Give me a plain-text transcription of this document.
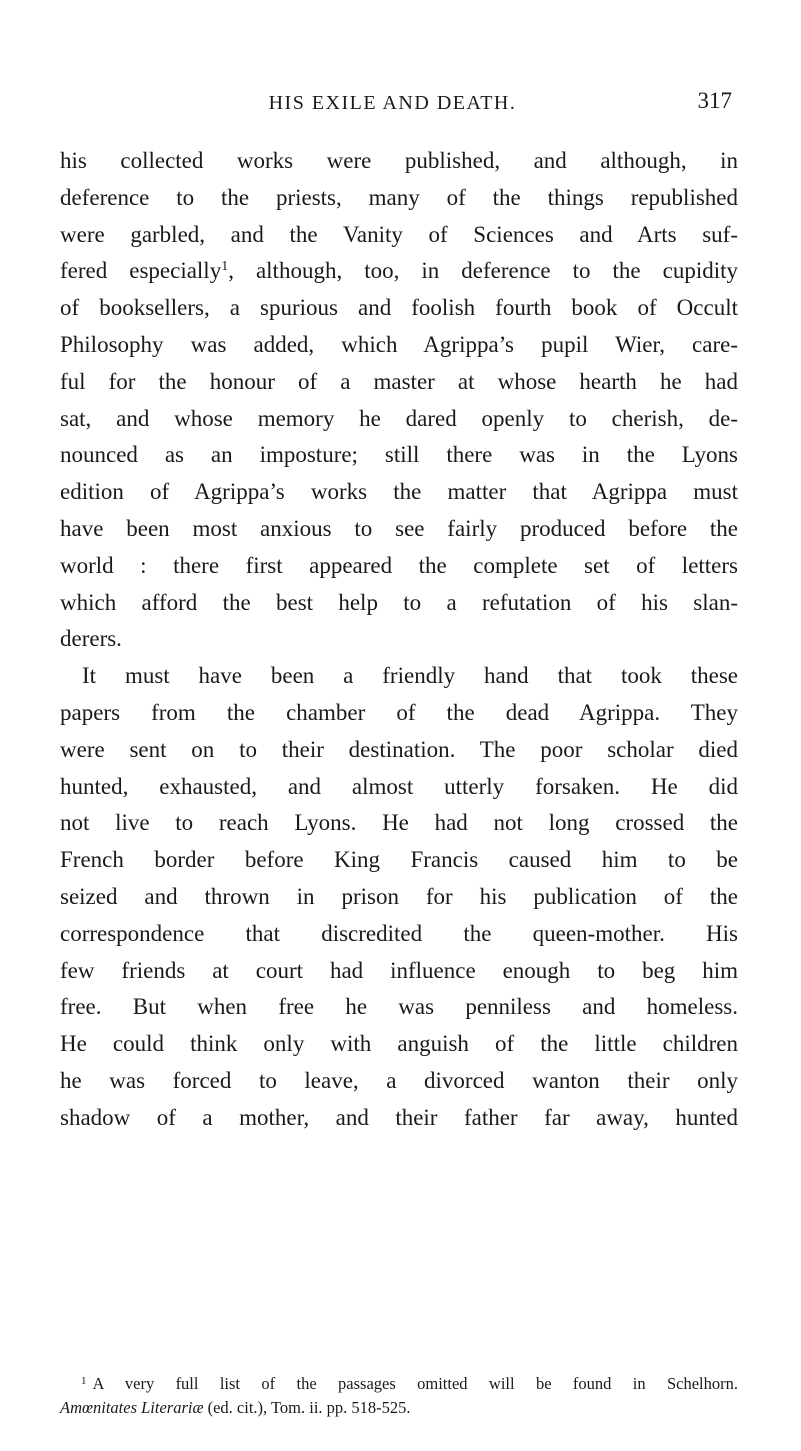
HIS EXILE AND DEATH.	317
his collected works were published, and although, in
deference to the priests, many of the things republished
were garbled, and the Vanity of Sciences and Arts suf-
fered especially$^1$, although, too, in deference to the cupidity
of booksellers, a spurious and foolish fourth book of Occult
Philosophy was added, which Agrippa’s pupil Wier, care-
ful for the honour of a master at whose hearth he had
sat, and whose memory he dared openly to cherish, de-
nounced as an imposture; still there was in the Lyons
edition of Agrippa’s works the matter that Agrippa must
have been most anxious to see fairly produced before the
world : there first appeared the complete set of letters
which afford the best help to a refutation of his slan-
derers.
It must have been a friendly hand that took these
papers from the chamber of the dead Agrippa. They
were sent on to their destination. The poor scholar died
hunted, exhausted, and almost utterly forsaken. He did
not live to reach Lyons. He had not long crossed the
French border before King Francis caused him to be
seized and thrown in prison for his publication of the
correspondence that discredited the queen-mother. His
few friends at court had influence enough to beg him
free. But when free he was penniless and homeless.
He could think only with anguish of the little children
he was forced to leave, a divorced wanton their only
shadow of a mother, and their father far away, hunted
$^1$ A very full list of the passages omitted will be found in Schelhorn.
Amœnitates Literariæ (ed. cit.), Tom. ii. pp. 518-525.
